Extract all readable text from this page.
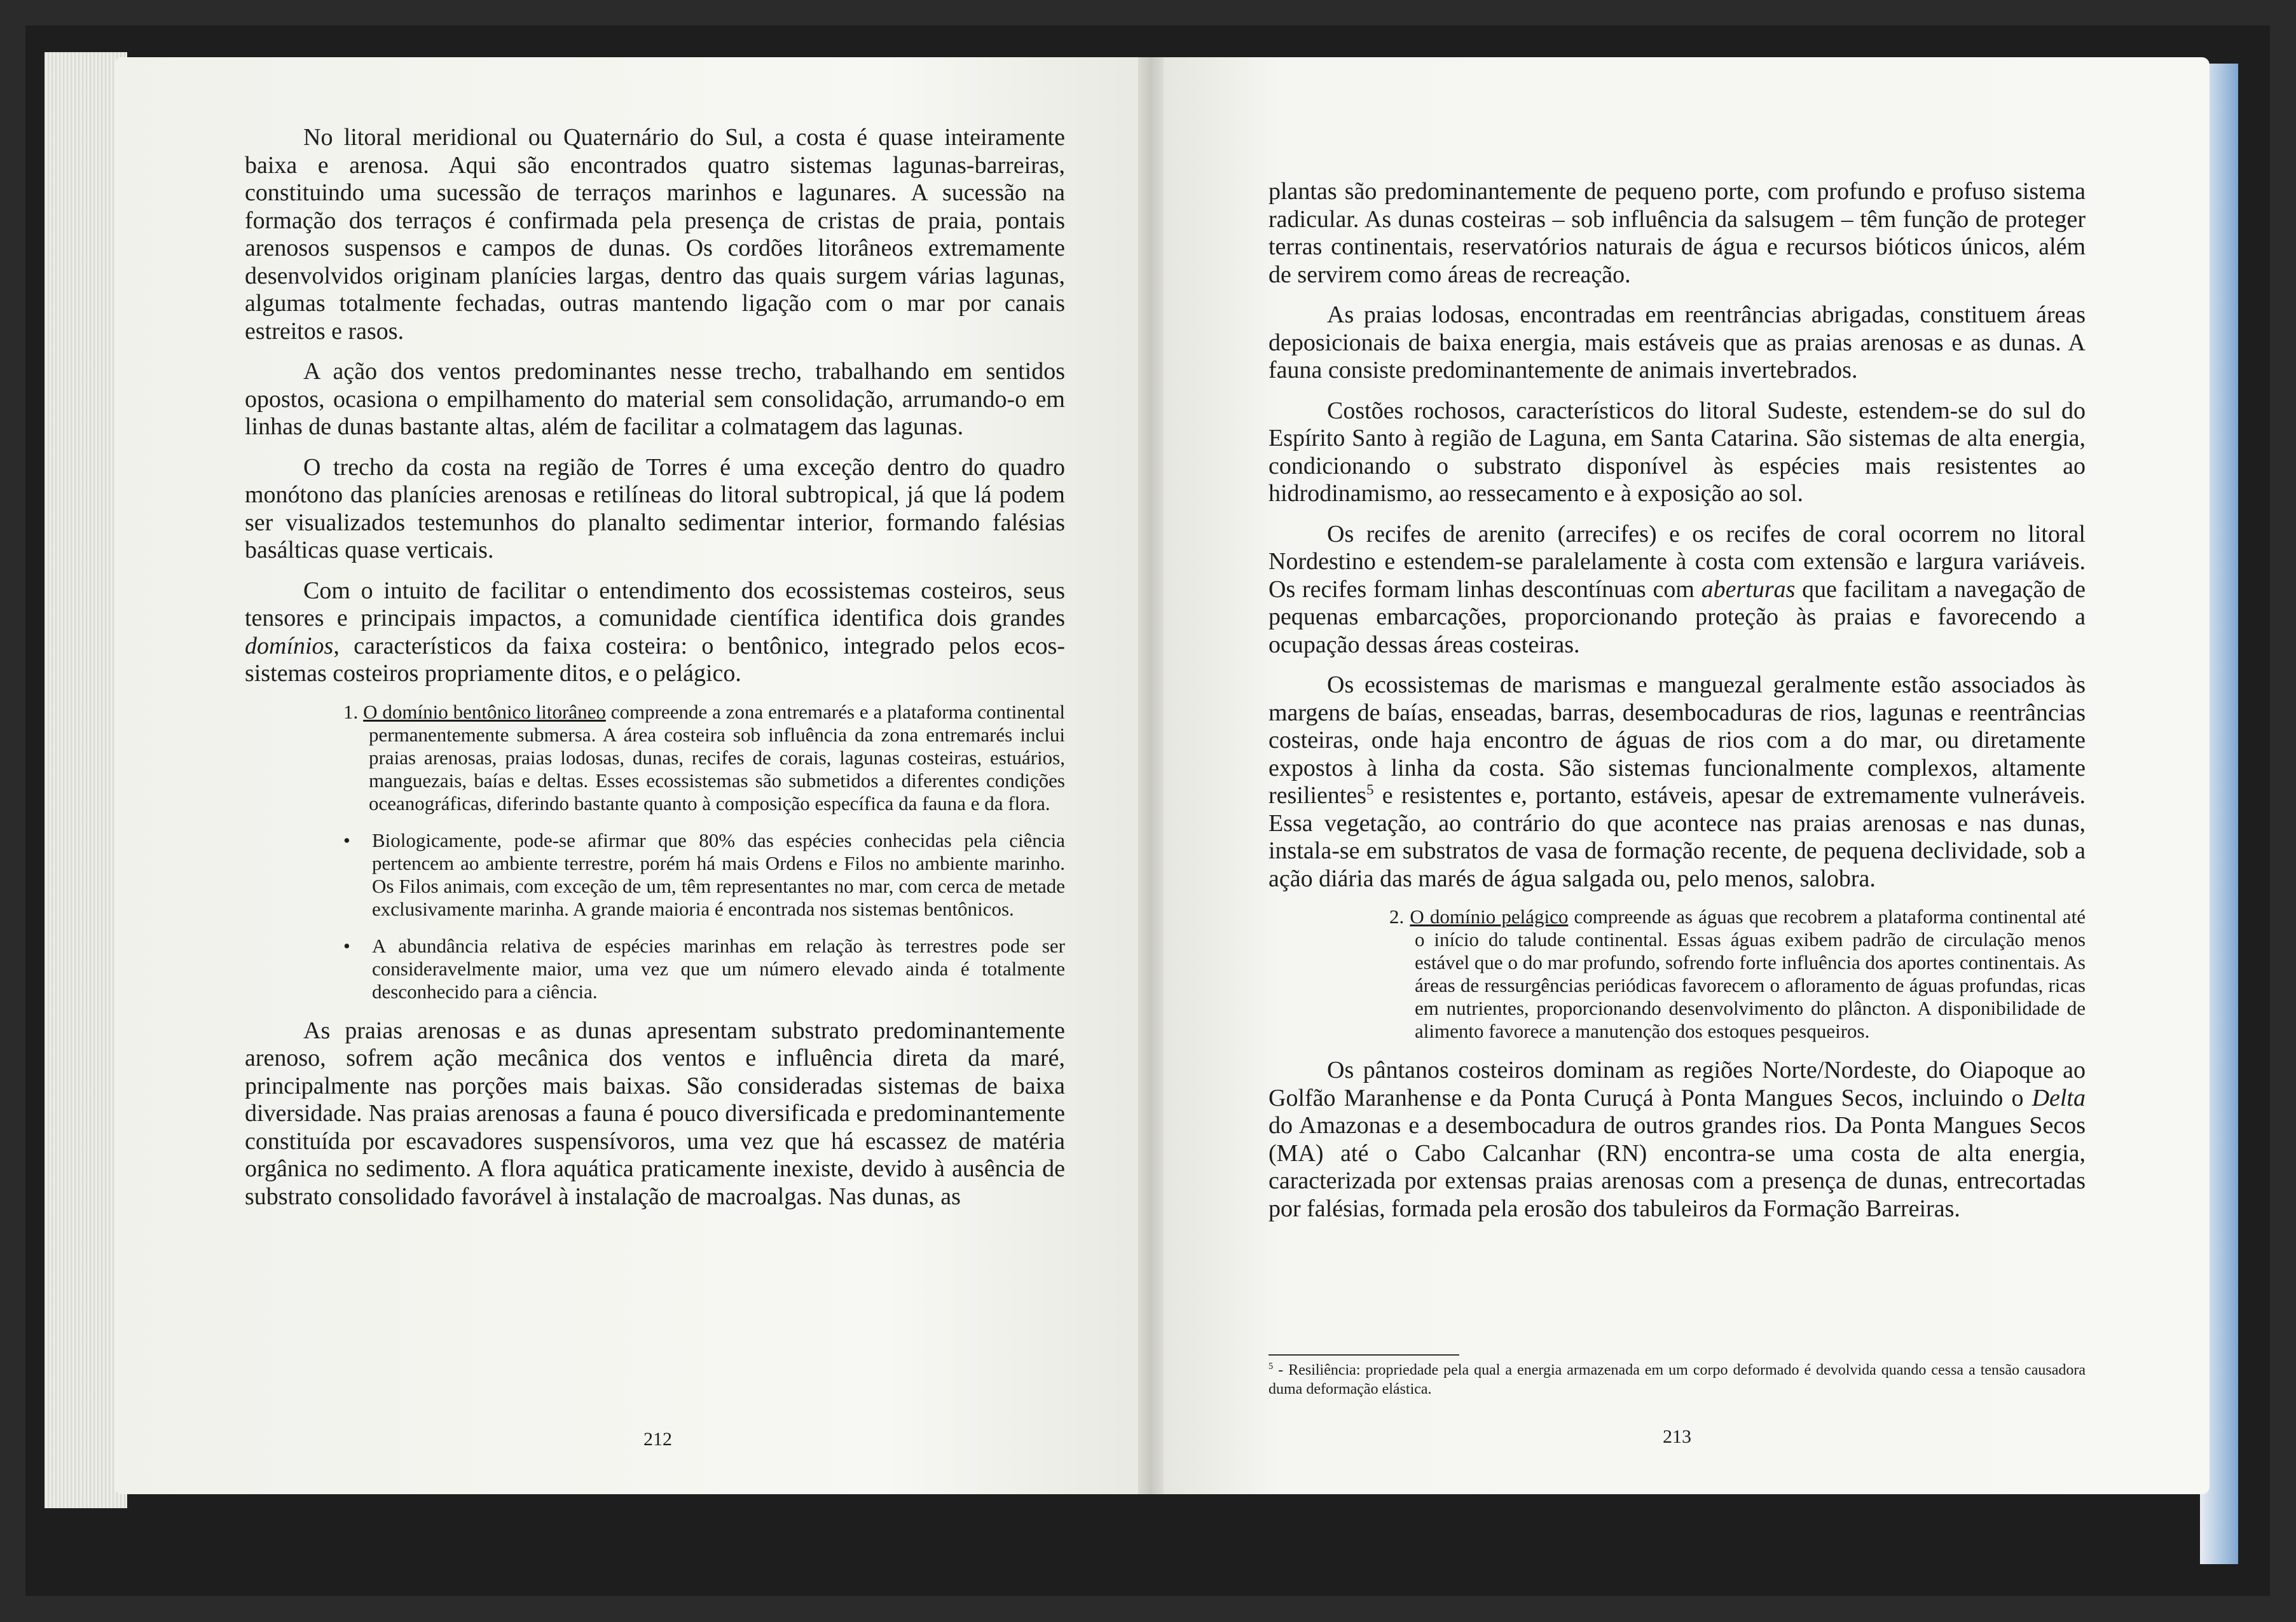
No litoral meridional ou Quaternário do Sul, a costa é quase inteiramente baixa e arenosa. Aqui são encontrados quatro sistemas lagunas-barreiras, constituindo uma sucessão de terraços marinhos e lagunares. A sucessão na formação dos terraços é confirmada pela presença de cristas de praia, pontais arenosos suspensos e campos de dunas. Os cordões litorâneos extremamente desenvolvidos originam planícies largas, dentro das quais surgem várias lagunas, algumas totalmente fechadas, outras mantendo ligação com o mar por canais estreitos e rasos.

A ação dos ventos predominantes nesse trecho, trabalhando em sentidos opostos, ocasiona o empilhamento do material sem consolidação, arrumando-o em linhas de dunas bastante altas, além de facilitar a colmatagem das lagunas.

O trecho da costa na região de Torres é uma exceção dentro do quadro monótono das planícies arenosas e retilíneas do litoral subtropical, já que lá podem ser visualizados testemunhos do planalto sedimentar interior, formando falésias basálticas quase verticais.

Com o intuito de facilitar o entendimento dos ecossistemas costeiros, seus tensores e principais impactos, a comunidade científica identifica dois grandes domínios, característicos da faixa costeira: o bentônico, integrado pelos ecos-sistemas costeiros propriamente ditos, e o pelágico.

1. O domínio bentônico litorâneo compreende a zona entremarés e a plataforma continental permanentemente submersa. A área costeira sob influência da zona entremarés inclui praias arenosas, praias lodosas, dunas, recifes de corais, lagunas costeiras, estuários, manguezais, baías e deltas. Esses ecossistemas são submetidos a diferentes condições oceanográficas, diferindo bastante quanto à composição específica da fauna e da flora.
• Biologicamente, pode-se afirmar que 80% das espécies conhecidas pela ciência pertencem ao ambiente terrestre, porém há mais Ordens e Filos no ambiente marinho. Os Filos animais, com exceção de um, têm representantes no mar, com cerca de metade exclusivamente marinha. A grande maioria é encontrada nos sistemas bentônicos.
• A abundância relativa de espécies marinhas em relação às terrestres pode ser consideravelmente maior, uma vez que um número elevado ainda é totalmente desconhecido para a ciência.

As praias arenosas e as dunas apresentam substrato predominantemente arenoso, sofrem ação mecânica dos ventos e influência direta da maré, principalmente nas porções mais baixas. São consideradas sistemas de baixa diversidade. Nas praias arenosas a fauna é pouco diversificada e predominantemente constituída por escavadores suspensívoros, uma vez que há escassez de matéria orgânica no sedimento. A flora aquática praticamente inexiste, devido à ausência de substrato consolidado favorável à instalação de macroalgas. Nas dunas, as

212

plantas são predominantemente de pequeno porte, com profundo e profuso sistema radicular. As dunas costeiras – sob influência da salsugem – têm função de proteger terras continentais, reservatórios naturais de água e recursos bióticos únicos, além de servirem como áreas de recreação.

As praias lodosas, encontradas em reentrâncias abrigadas, constituem áreas deposicionais de baixa energia, mais estáveis que as praias arenosas e as dunas. A fauna consiste predominantemente de animais invertebrados.

Costões rochosos, característicos do litoral Sudeste, estendem-se do sul do Espírito Santo à região de Laguna, em Santa Catarina. São sistemas de alta energia, condicionando o substrato disponível às espécies mais resistentes ao hidrodinamismo, ao ressecamento e à exposição ao sol.

Os recifes de arenito (arrecifes) e os recifes de coral ocorrem no litoral Nordestino e estendem-se paralelamente à costa com extensão e largura variáveis. Os recifes formam linhas descontínuas com aberturas que facilitam a navegação de pequenas embarcações, proporcionando proteção às praias e favorecendo a ocupação dessas áreas costeiras.

Os ecossistemas de marismas e manguezal geralmente estão associados às margens de baías, enseadas, barras, desembocaduras de rios, lagunas e reentrâncias costeiras, onde haja encontro de águas de rios com a do mar, ou diretamente expostos à linha da costa. São sistemas funcionalmente complexos, altamente resilientes$^5$ e resistentes e, portanto, estáveis, apesar de extremamente vulneráveis. Essa vegetação, ao contrário do que acontece nas praias arenosas e nas dunas, instala-se em substratos de vasa de formação recente, de pequena declividade, sob a ação diária das marés de água salgada ou, pelo menos, salobra.

2. O domínio pelágico compreende as águas que recobrem a plataforma continental até o início do talude continental. Essas águas exibem padrão de circulação menos estável que o do mar profundo, sofrendo forte influência dos aportes continentais. As áreas de ressurgências periódicas favorecem o afloramento de águas profundas, ricas em nutrientes, proporcionando desenvolvimento do plâncton. A disponibilidade de alimento favorece a manutenção dos estoques pesqueiros.

Os pântanos costeiros dominam as regiões Norte/Nordeste, do Oiapoque ao Golfão Maranhense e da Ponta Curuçá à Ponta Mangues Secos, incluindo o Delta do Amazonas e a desembocadura de outros grandes rios. Da Ponta Mangues Secos (MA) até o Cabo Calcanhar (RN) encontra-se uma costa de alta energia, caracterizada por extensas praias arenosas com a presença de dunas, entrecortadas por falésias, formada pela erosão dos tabuleiros da Formação Barreiras.

$^5$ - Resiliência: propriedade pela qual a energia armazenada em um corpo deformado é devolvida quando cessa a tensão causadora duma deformação elástica.
213
